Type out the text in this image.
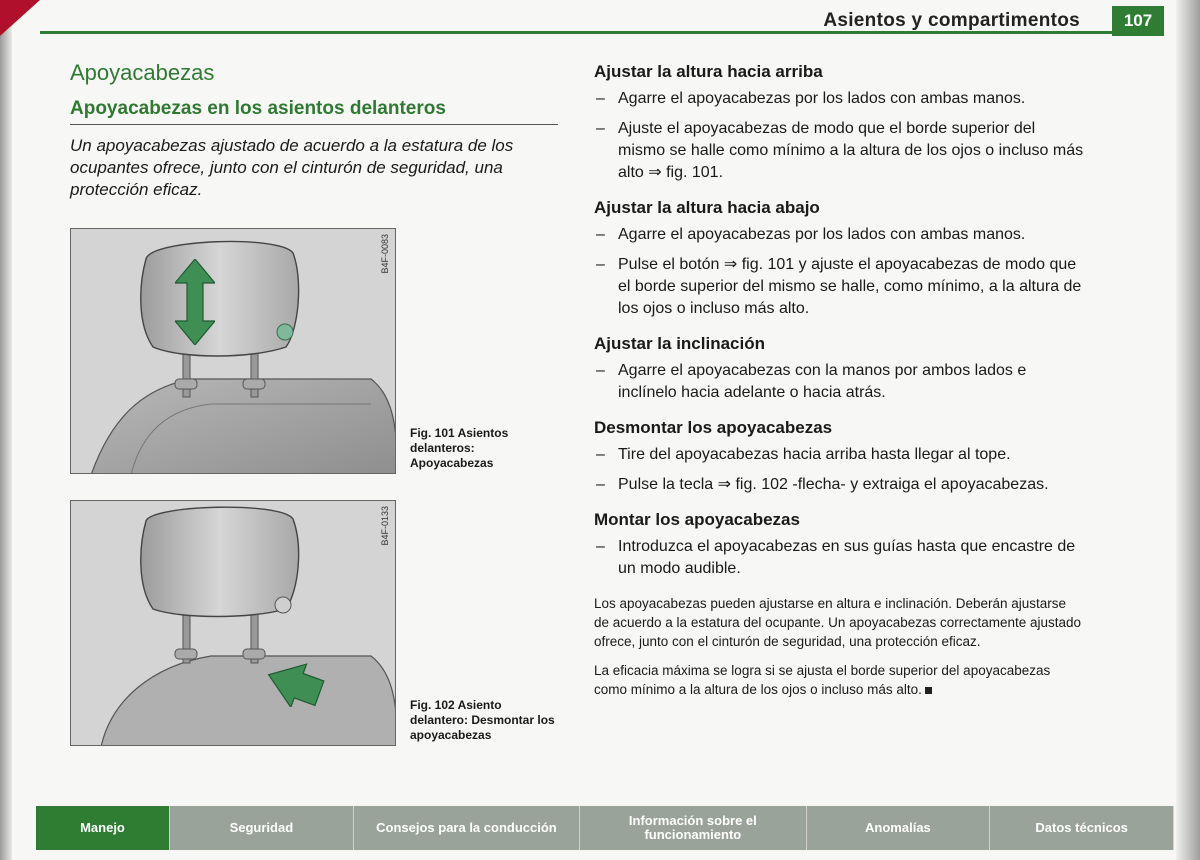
Asientos y compartimentos	107
Apoyacabezas
Apoyacabezas en los asientos delanteros
Un apoyacabezas ajustado de acuerdo a la estatura de los ocupantes ofrece, junto con el cinturón de seguridad, una protección eficaz.
B4F-0083
Fig. 101 Asientos delanteros: Apoyacabezas
B4F-0133
Fig. 102 Asiento delantero: Desmontar los apoyacabezas
Ajustar la altura hacia arriba
– Agarre el apoyacabezas por los lados con ambas manos.
– Ajuste el apoyacabezas de modo que el borde superior del mismo se halle como mínimo a la altura de los ojos o incluso más alto ⇒ fig. 101.
Ajustar la altura hacia abajo
– Agarre el apoyacabezas por los lados con ambas manos.
– Pulse el botón ⇒ fig. 101 y ajuste el apoyacabezas de modo que el borde superior del mismo se halle, como mínimo, a la altura de los ojos o incluso más alto.
Ajustar la inclinación
– Agarre el apoyacabezas con la manos por ambos lados e inclínelo hacia adelante o hacia atrás.
Desmontar los apoyacabezas
– Tire del apoyacabezas hacia arriba hasta llegar al tope.
– Pulse la tecla ⇒ fig. 102 -flecha- y extraiga el apoyacabezas.
Montar los apoyacabezas
– Introduzca el apoyacabezas en sus guías hasta que encastre de un modo audible.
Los apoyacabezas pueden ajustarse en altura e inclinación. Deberán ajustarse de acuerdo a la estatura del ocupante. Un apoyacabezas correctamente ajustado ofrece, junto con el cinturón de seguridad, una protección eficaz.
La eficacia máxima se logra si se ajusta el borde superior del apoyacabezas como mínimo a la altura de los ojos o incluso más alto.
Manejo	Seguridad	Consejos para la conducción	Información sobre el funcionamiento	Anomalías	Datos técnicos
